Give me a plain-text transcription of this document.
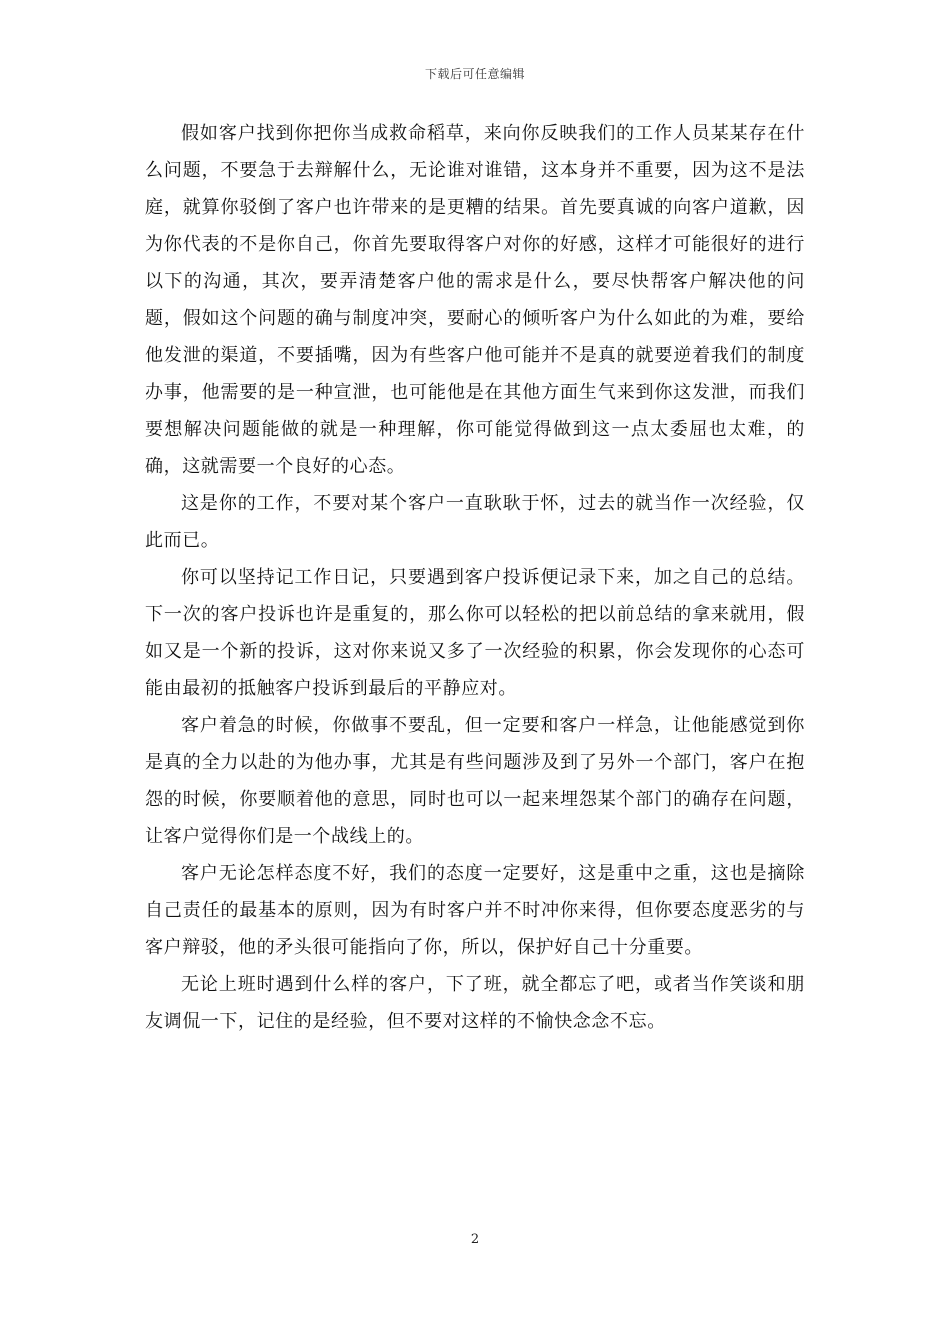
下载后可任意编辑

假如客户找到你把你当成救命稻草，来向你反映我们的工作人员某某存在什么问题，不要急于去辩解什么，无论谁对谁错，这本身并不重要，因为这不是法庭，就算你驳倒了客户也许带来的是更糟的结果。首先要真诚的向客户道歉，因为你代表的不是你自己，你首先要取得客户对你的好感，这样才可能很好的进行以下的沟通，其次，要弄清楚客户他的需求是什么，要尽快帮客户解决他的问题，假如这个问题的确与制度冲突，要耐心的倾听客户为什么如此的为难，要给他发泄的渠道，不要插嘴，因为有些客户他可能并不是真的就要逆着我们的制度办事，他需要的是一种宣泄，也可能他是在其他方面生气来到你这发泄，而我们要想解决问题能做的就是一种理解，你可能觉得做到这一点太委屈也太难，的确，这就需要一个良好的心态。

这是你的工作，不要对某个客户一直耿耿于怀，过去的就当作一次经验，仅此而已。

你可以坚持记工作日记，只要遇到客户投诉便记录下来，加之自己的总结。下一次的客户投诉也许是重复的，那么你可以轻松的把以前总结的拿来就用，假如又是一个新的投诉，这对你来说又多了一次经验的积累，你会发现你的心态可能由最初的抵触客户投诉到最后的平静应对。

客户着急的时候，你做事不要乱，但一定要和客户一样急，让他能感觉到你是真的全力以赴的为他办事，尤其是有些问题涉及到了另外一个部门，客户在抱怨的时候，你要顺着他的意思，同时也可以一起来埋怨某个部门的确存在问题，让客户觉得你们是一个战线上的。

客户无论怎样态度不好，我们的态度一定要好，这是重中之重，这也是摘除自己责任的最基本的原则，因为有时客户并不时冲你来得，但你要态度恶劣的与客户辩驳，他的矛头很可能指向了你，所以，保护好自己十分重要。

无论上班时遇到什么样的客户，下了班，就全都忘了吧，或者当作笑谈和朋友调侃一下，记住的是经验，但不要对这样的不愉快念念不忘。

2
